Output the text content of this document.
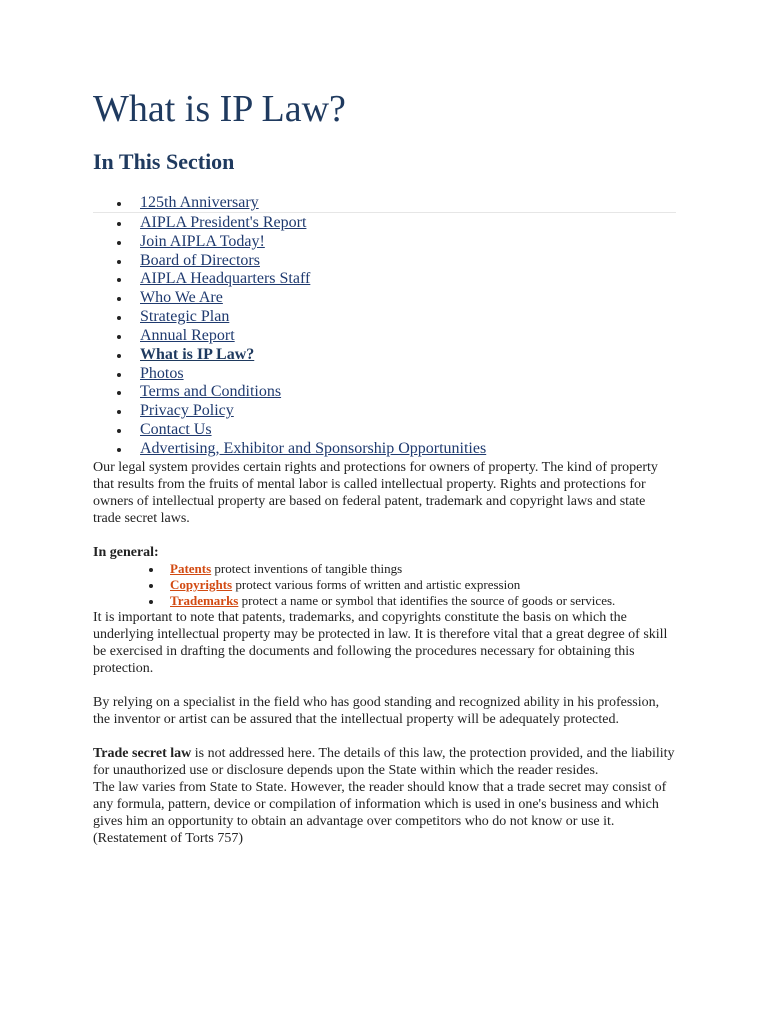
What is IP Law?
In This Section
125th Anniversary
AIPLA President's Report
Join AIPLA Today!
Board of Directors
AIPLA Headquarters Staff
Who We Are
Strategic Plan
Annual Report
What is IP Law?
Photos
Terms and Conditions
Privacy Policy
Contact Us
Advertising, Exhibitor and Sponsorship Opportunities

Our legal system provides certain rights and protections for owners of property. The kind of property that results from the fruits of mental labor is called intellectual property. Rights and protections for owners of intellectual property are based on federal patent, trademark and copyright laws and state trade secret laws.

In general:

Patents protect inventions of tangible things
Copyrights protect various forms of written and artistic expression
Trademarks protect a name or symbol that identifies the source of goods or services.

It is important to note that patents, trademarks, and copyrights constitute the basis on which the underlying intellectual property may be protected in law. It is therefore vital that a great degree of skill be exercised in drafting the documents and following the procedures necessary for obtaining this protection.

By relying on a specialist in the field who has good standing and recognized ability in his profession, the inventor or artist can be assured that the intellectual property will be adequately protected.

Trade secret law is not addressed here. The details of this law, the protection provided, and the liability for unauthorized use or disclosure depends upon the State within which the reader resides.

The law varies from State to State. However, the reader should know that a trade secret may consist of any formula, pattern, device or compilation of information which is used in one's business and which gives him an opportunity to obtain an advantage over competitors who do not know or use it. (Restatement of Torts 757)
